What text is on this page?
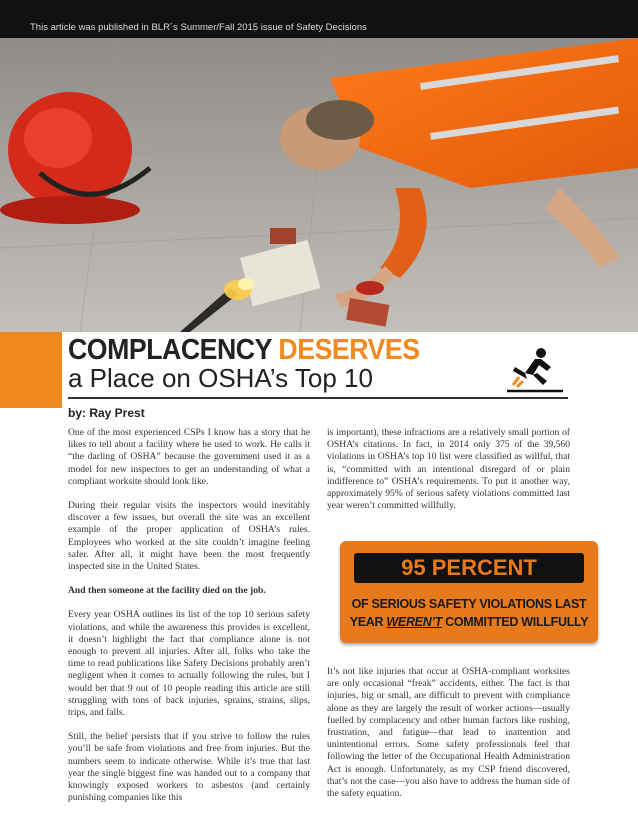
This article was published in BLR´s Summer/Fall 2015 issue of Safety Decisions
COMPLACENCY DESERVES
a Place on OSHA’s Top 10
by: Ray Prest

One of the most experienced CSPs I know has a story that he likes to tell about a facility where he used to work. He calls it “the darling of OSHA” because the government used it as a model for new inspectors to get an understanding of what a compliant worksite should look like.

During their regular visits the inspectors would inevitably discover a few issues, but overall the site was an excellent example of the proper application of OSHA’s rules. Employees who worked at the site couldn’t imagine feeling safer. After all, it might have been the most frequently inspected site in the United States.

And then someone at the facility died on the job.

Every year OSHA outlines its list of the top 10 serious safety violations, and while the awareness this provides is excellent, it doesn’t highlight the fact that compliance alone is not enough to prevent all injuries. After all, folks who take the time to read publications like Safety Decisions probably aren’t negligent when it comes to actually following the rules, but I would bet that 9 out of 10 people reading this article are still struggling with tons of back injuries, sprains, strains, slips, trips, and falls.

Still, the belief persists that if you strive to follow the rules you’ll be safe from violations and free from injuries. But the numbers seem to indicate otherwise. While it’s true that last year the single biggest fine was handed out to a company that knowingly exposed workers to asbestos (and certainly punishing companies like this

is important), these infractions are a relatively small portion of OSHA’s citations. In fact, in 2014 only 375 of the 39,560 violations in OSHA’s top 10 list were classified as willful, that is, “committed with an intentional disregard of or plain indifference to” OSHA’s requirements. To put it another way, approximately 95% of serious safety violations committed last year weren’t committed willfully.

95 PERCENT
OF SERIOUS SAFETY VIOLATIONS LAST
YEAR WEREN’T COMMITTED WILLFULLY

It’s not like injuries that occur at OSHA-compliant worksites are only occasional “freak” accidents, either. The fact is that injuries, big or small, are difficult to prevent with compliance alone as they are largely the result of worker actions—usually fuelled by complacency and other human factors like rushing, frustration, and fatigue—that lead to inattention and unintentional errors. Some safety professionals feel that following the letter of the Occupational Health Administration Act is enough. Unfortunately, as my CSP friend discovered, that’s not the case—you also have to address the human side of the safety equation.
